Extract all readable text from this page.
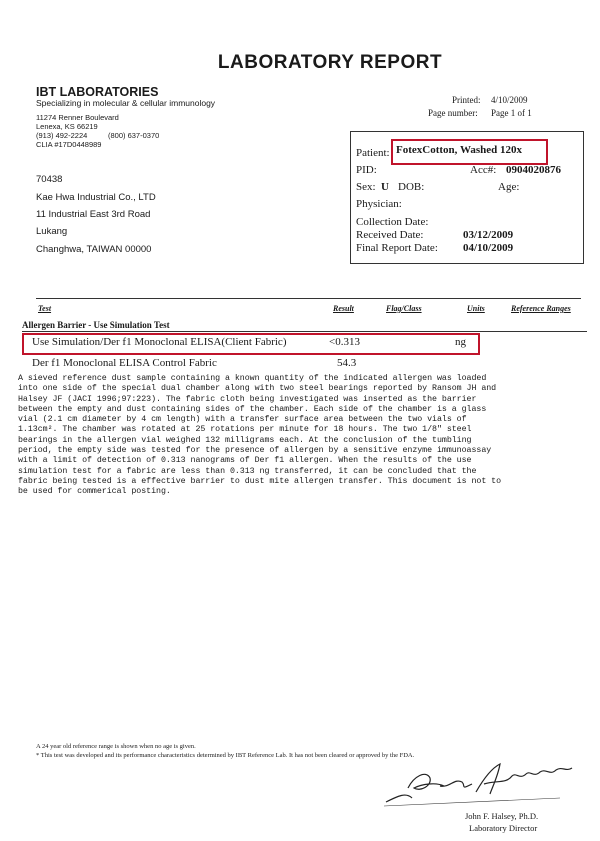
LABORATORY REPORT
IBT LABORATORIES
Specializing in molecular & cellular immunology
11274 Renner Boulevard
Lenexa, KS 66219
(913) 492-2224	(800) 637-0370
CLIA #17D0448989
70438
Kae Hwa Industrial Co., LTD
11 Industrial East 3rd Road
Lukang
Changhwa, TAIWAN 00000
Printed: 4/10/2009
Page number: Page 1 of 1
Patient: FotexCotton, Washed 120x
PID:	Acc#: 0904020876
Sex: U DOB:	Age:
Physician:
Collection Date:
Received Date:	03/12/2009
Final Report Date: 04/10/2009
Test	Result	Flag/Class	Units	Reference Ranges
Allergen Barrier - Use Simulation Test
Use Simulation/Der f1 Monoclonal ELISA(Client Fabric)	<0.313	ng
Der f1 Monoclonal ELISA Control Fabric	54.3
A sieved reference dust sample containing a known quantity of the indicated allergen was loaded
into one side of the special dual chamber along with two steel bearings reported by Ransom JH and
Halsey JF (JACI 1996;97:223). The fabric cloth being investigated was inserted as the barrier
between the empty and dust containing sides of the chamber. Each side of the chamber is a glass
vial (2.1 cm diameter by 4 cm length) with a transfer surface area between the two vials of
1.13cm². The chamber was rotated at 25 rotations per minute for 18 hours. The two 1/8" steel
bearings in the allergen vial weighed 132 milligrams each. At the conclusion of the tumbling
period, the empty side was tested for the presence of allergen by a sensitive enzyme immunoassay
with a limit of detection of 0.313 nanograms of Der f1 allergen. When the results of the use
simulation test for a fabric are less than 0.313 ng transferred, it can be concluded that the
fabric being tested is a effective barrier to dust mite allergen transfer. This document is not to
be used for commerical posting.
A 24 year old reference range is shown when no age is given.
* This test was developed and its performance characteristics determined by IBT Reference Lab. It has not been cleared or approved by the FDA.
John F. Halsey, Ph.D.
Laboratory Director
